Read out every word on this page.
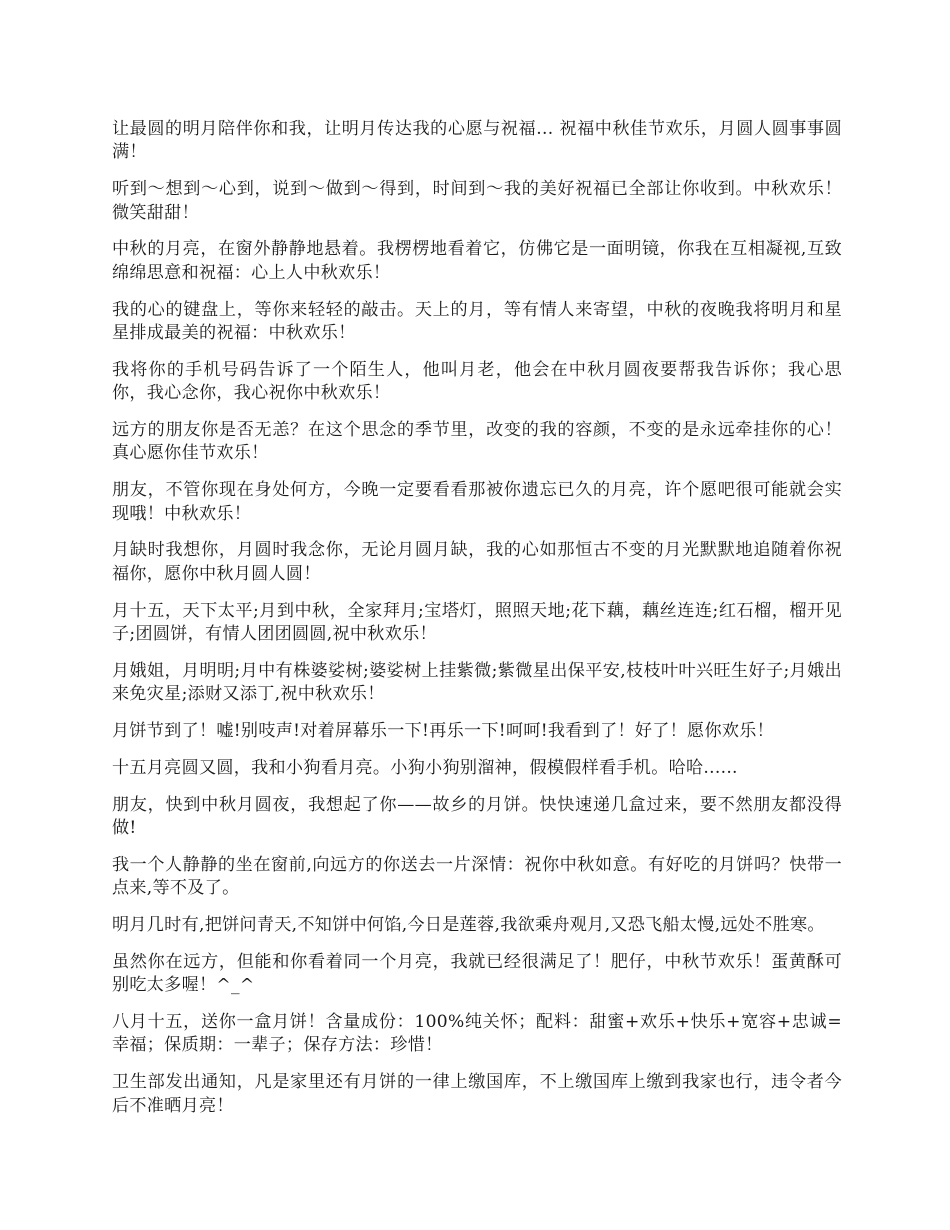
让最圆的明月陪伴你和我，让明月传达我的心愿与祝福... 祝福中秋佳节欢乐，月圆人圆事事圆满！

听到～想到～心到，说到～做到～得到，时间到～我的美好祝福已全部让你收到。中秋欢乐！微笑甜甜！

中秋的月亮，在窗外静静地悬着。我楞楞地看着它，仿佛它是一面明镜，你我在互相凝视,互致绵绵思意和祝福：心上人中秋欢乐！

我的心的键盘上，等你来轻轻的敲击。天上的月，等有情人来寄望，中秋的夜晚我将明月和星星排成最美的祝福：中秋欢乐！

我将你的手机号码告诉了一个陌生人，他叫月老，他会在中秋月圆夜要帮我告诉你；我心思你，我心念你，我心祝你中秋欢乐！

远方的朋友你是否无恙？在这个思念的季节里，改变的我的容颜，不变的是永远牵挂你的心！真心愿你佳节欢乐！

朋友，不管你现在身处何方，今晚一定要看看那被你遗忘已久的月亮，许个愿吧很可能就会实现哦！中秋欢乐！

月缺时我想你，月圆时我念你，无论月圆月缺，我的心如那恒古不变的月光默默地追随着你祝福你，愿你中秋月圆人圆！

月十五，天下太平;月到中秋，全家拜月;宝塔灯，照照天地;花下藕，藕丝连连;红石榴，榴开见子;团圆饼，有情人团团圆圆,祝中秋欢乐！

月娥姐，月明明;月中有株婆娑树;婆娑树上挂紫微;紫微星出保平安,枝枝叶叶兴旺生好子;月娥出来免灾星;添财又添丁,祝中秋欢乐！

月饼节到了！嘘!别吱声!对着屏幕乐一下!再乐一下!呵呵!我看到了！好了！愿你欢乐！

十五月亮圆又圆，我和小狗看月亮。小狗小狗别溜神，假模假样看手机。哈哈......

朋友，快到中秋月圆夜，我想起了你——故乡的月饼。快快速递几盒过来，要不然朋友都没得做!

我一个人静静的坐在窗前,向远方的你送去一片深情：祝你中秋如意。有好吃的月饼吗？快带一点来,等不及了。

明月几时有,把饼问青天,不知饼中何馅,今日是莲蓉,我欲乘舟观月,又恐飞船太慢,远处不胜寒。

虽然你在远方，但能和你看着同一个月亮，我就已经很满足了！肥仔，中秋节欢乐！蛋黄酥可别吃太多喔！^_^

八月十五，送你一盒月饼！含量成份：100%纯关怀；配料：甜蜜+欢乐+快乐+宽容+忠诚=幸福；保质期：一辈子；保存方法：珍惜！

卫生部发出通知，凡是家里还有月饼的一律上缴国库，不上缴国库上缴到我家也行，违令者今后不准晒月亮！
